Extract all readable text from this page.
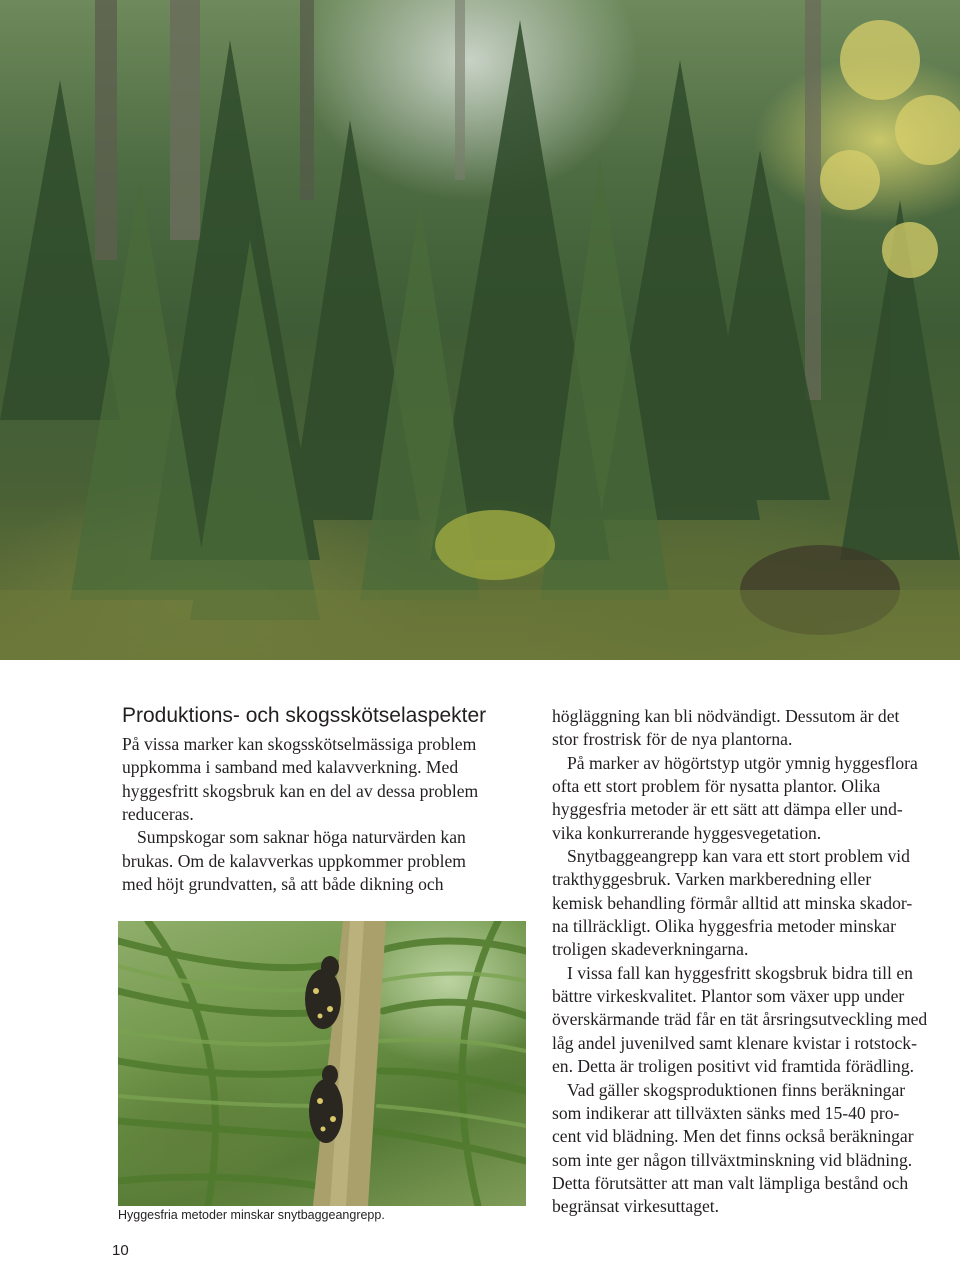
Produktions- och skogsskötselaspekter

På vissa marker kan skogsskötselmässiga problem
uppkomma i samband med kalavverkning. Med
hyggesfritt skogsbruk kan en del av dessa problem
reduceras.

Sumpskogar som saknar höga naturvärden kan
brukas. Om de kalavverkas uppkommer problem
med höjt grundvatten, så att både dikning och

Hyggesfria metoder minskar snytbaggeangrepp.

högläggning kan bli nödvändigt. Dessutom är det
stor frostrisk för de nya plantorna.

På marker av högörtstyp utgör ymnig hyggesflora
ofta ett stort problem för nysatta plantor. Olika
hyggesfria metoder är ett sätt att dämpa eller und-
vika konkurrerande hyggesvegetation.

Snytbaggeangrepp kan vara ett stort problem vid
trakthyggesbruk. Varken markberedning eller
kemisk behandling förmår alltid att minska skador-
na tillräckligt. Olika hyggesfria metoder minskar
troligen skadeverkningarna.

I vissa fall kan hyggesfritt skogsbruk bidra till en
bättre virkeskvalitet. Plantor som växer upp under
överskärmande träd får en tät årsringsutveckling med
låg andel juvenilved samt klenare kvistar i rotstock-
en. Detta är troligen positivt vid framtida förädling.

Vad gäller skogsproduktionen finns beräkningar
som indikerar att tillväxten sänks med 15-40 pro-
cent vid blädning. Men det finns också beräkningar
som inte ger någon tillväxtminskning vid blädning.
Detta förutsätter att man valt lämpliga bestånd och
begränsat virkesuttaget.

10
